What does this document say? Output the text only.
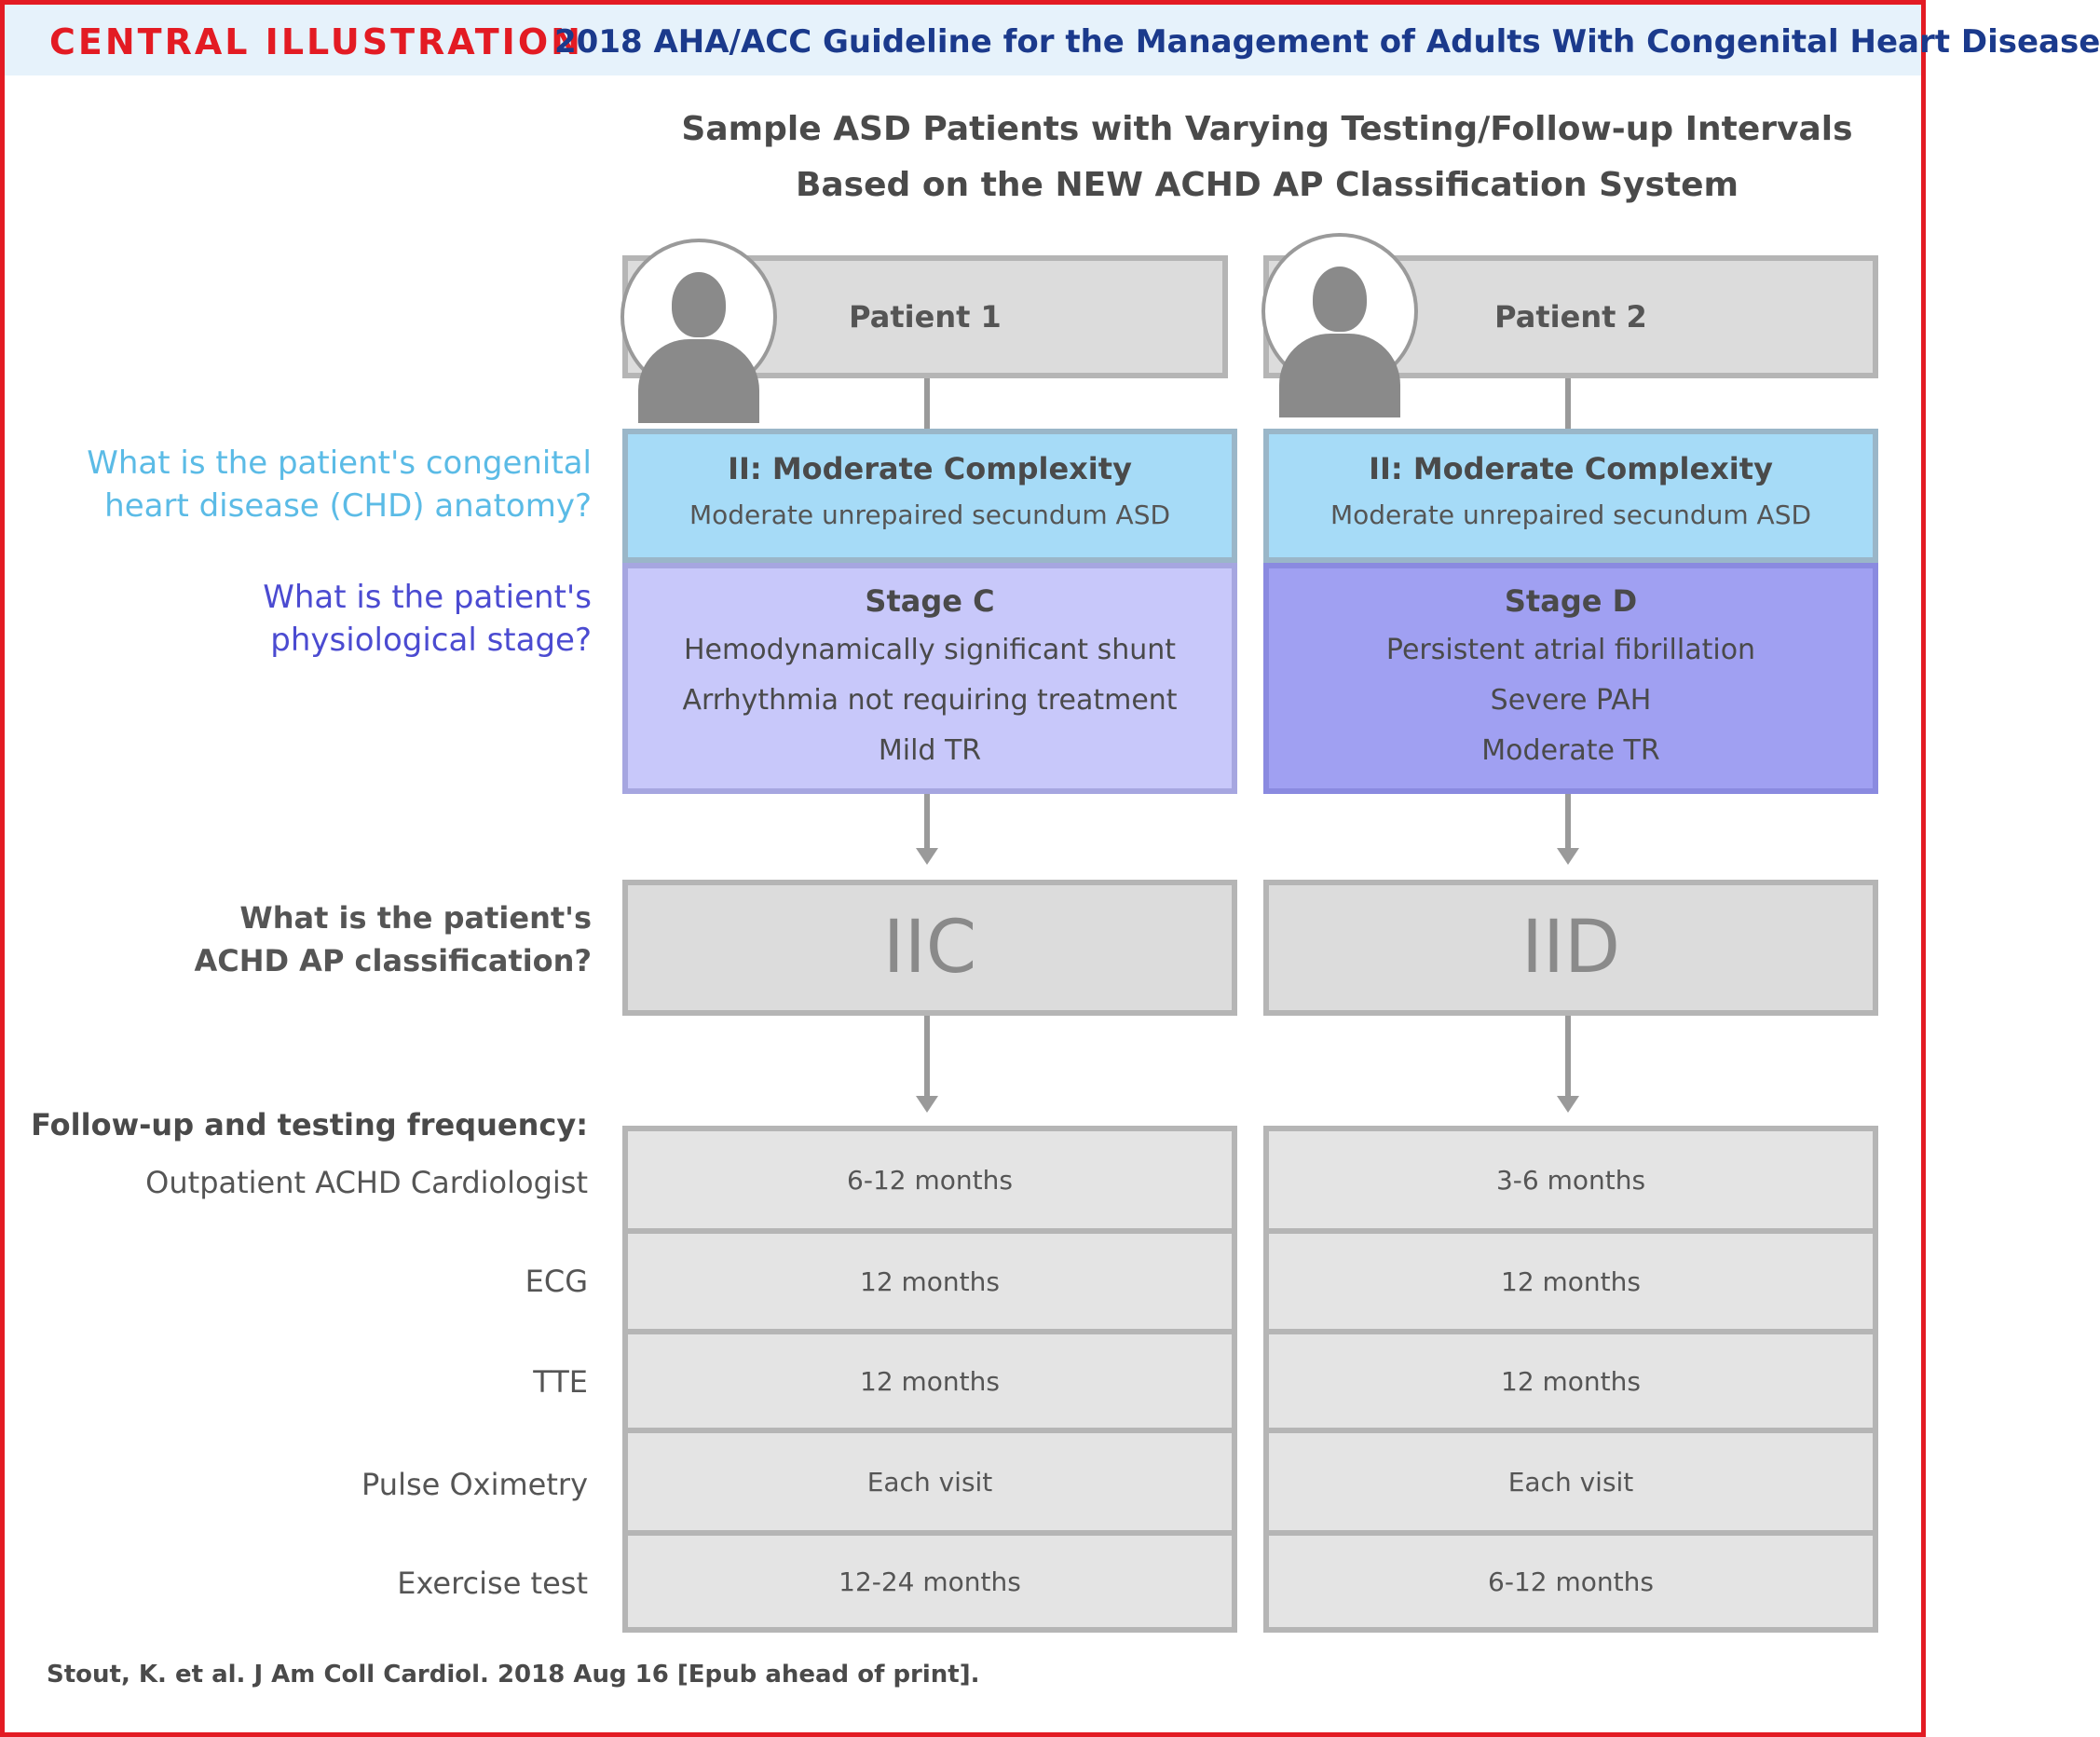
CENTRAL ILLUSTRATION
2018 AHA/ACC Guideline for the Management of Adults With Congenital Heart Disease
Sample ASD Patients with Varying Testing/Follow-up Intervals
Based on the NEW ACHD AP Classification System
What is the patient's congenital
heart disease (CHD) anatomy?
What is the patient's
physiological stage?
What is the patient's
ACHD AP classification?
Follow-up and testing frequency:
Outpatient ACHD Cardiologist
ECG
TTE
Pulse Oximetry
Exercise test
Patient 1
II: Moderate Complexity
Moderate unrepaired secundum ASD
Stage C
Hemodynamically significant shunt
Arrhythmia not requiring treatment
Mild TR
IIC
6-12 months
12 months
12 months
Each visit
12-24 months
Patient 2
II: Moderate Complexity
Moderate unrepaired secundum ASD
Stage D
Persistent atrial fibrillation
Severe PAH
Moderate TR
IID
3-6 months
12 months
12 months
Each visit
6-12 months
Stout, K. et al. J Am Coll Cardiol. 2018 Aug 16 [Epub ahead of print].
